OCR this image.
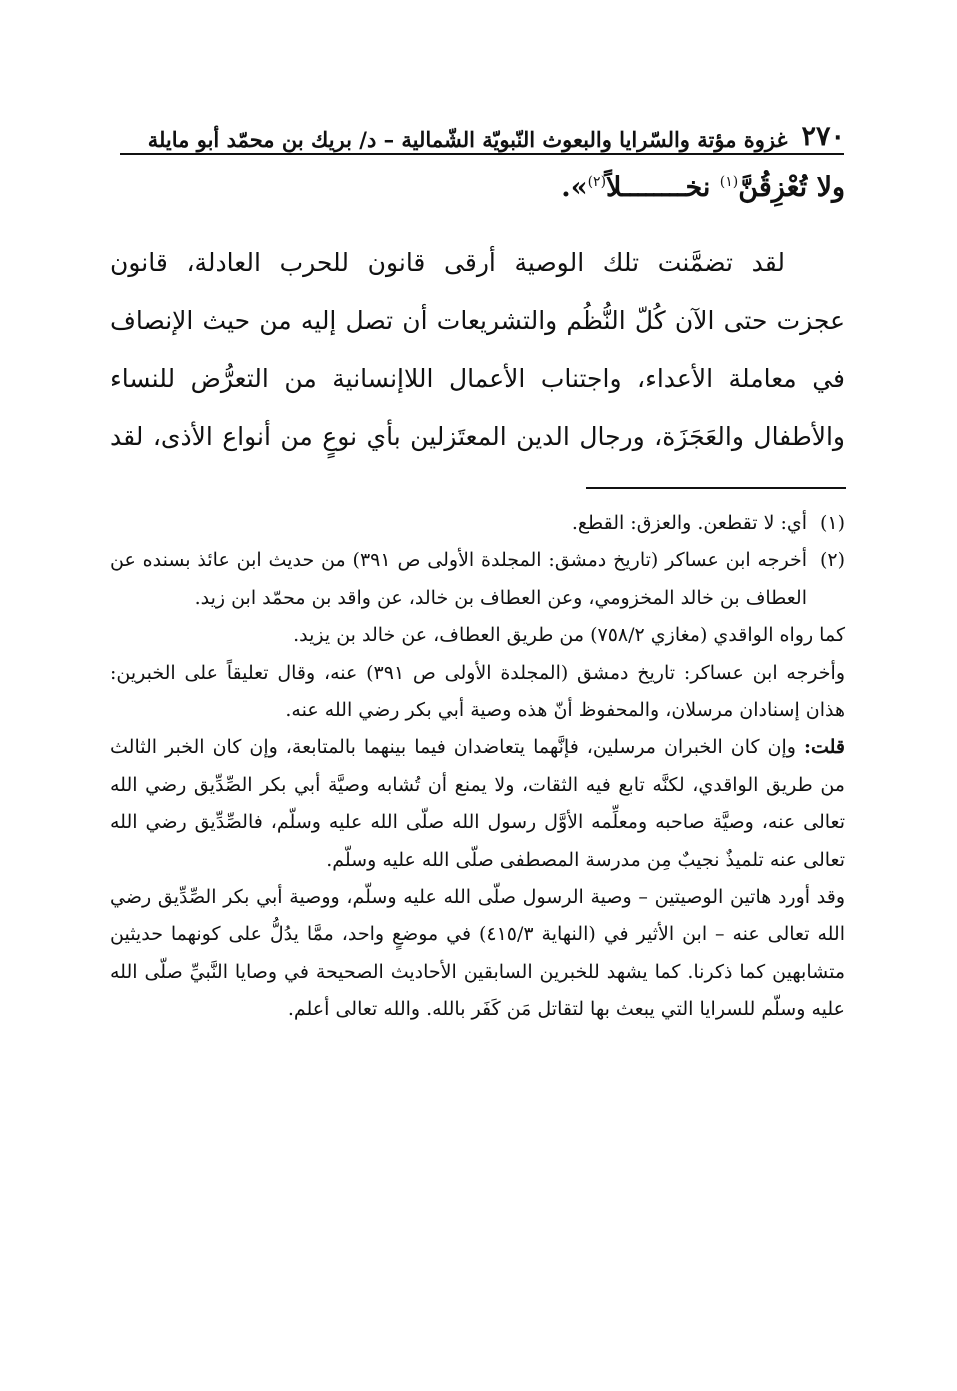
٢٧٠
غزوة مؤتة والسّرايا والبعوث النّبويّة الشّمالية – د/ بريك بن محمّد أبو مايلة
ولا تُعْزِقُنَّ$^{(١)}$ نخــــــــلاً$^{(٢)}$».

لقد تضمَّنت تلك الوصية أرقى قانون للحرب العادلة، قانون

عجزت حتى الآن كُلّ النُّظُم والتشريعات أن تصل إليه من حيث الإنصاف

في معاملة الأعداء، واجتناب الأعمال اللاإنسانية من التعرُّض للنساء

والأطفال والعَجَزَة، ورجال الدين المعتَزلين بأي نوعٍ من أنواع الأذى، لقد

(١)
أي: لا تقطعن. والعزق: القطع.
(٢)
أخرجه ابن عساكر (تاريخ دمشق: المجلدة الأولى ص ٣٩١) من حديث ابن عائذ بسنده عن العطاف بن خالد المخزومي، وعن العطاف بن خالد، عن واقد بن محمّد ابن زيد.

كما رواه الواقدي (مغازي ٧٥٨/٢) من طريق العطاف، عن خالد بن يزيد.

وأخرجه ابن عساكر: تاريخ دمشق (المجلدة الأولى ص ٣٩١) عنه، وقال تعليقاً على الخبرين: هذان إسنادان مرسلان، والمحفوظ أنّ هذه وصية أبي بكر رضي الله عنه.

قلت: وإن كان الخبران مرسلين، فإنَّهما يتعاضدان فيما بينهما بالمتابعة، وإن كان الخبر الثالث من طريق الواقدي، لكنَّه تابع فيه الثقات، ولا يمنع أن تُشابه وصيَّة أبي بكر الصِّدِّيق رضي الله تعالى عنه، وصيَّة صاحبه ومعلِّمه الأوَّل رسول الله صلّى الله عليه وسلّم، فالصِّدِّيق رضي الله تعالى عنه تلميذٌ نجيبٌ مِن مدرسة المصطفى صلّى الله عليه وسلّم.

وقد أورد هاتين الوصيتين – وصية الرسول صلّى الله عليه وسلّم، ووصية أبي بكر الصِّدِّيق رضي الله تعالى عنه – ابن الأثير في (النهاية ٤١٥/٣) في موضعٍ واحد، ممَّا يدُلُّ على كونهما حديثين متشابهين كما ذكرنا. كما يشهد للخبرين السابقين الأحاديث الصحيحة في وصايا النَّبيِّ صلّى الله عليه وسلّم للسرايا التي يبعث بها لتقاتل مَن كَفَر بالله. والله تعالى أعلم.
